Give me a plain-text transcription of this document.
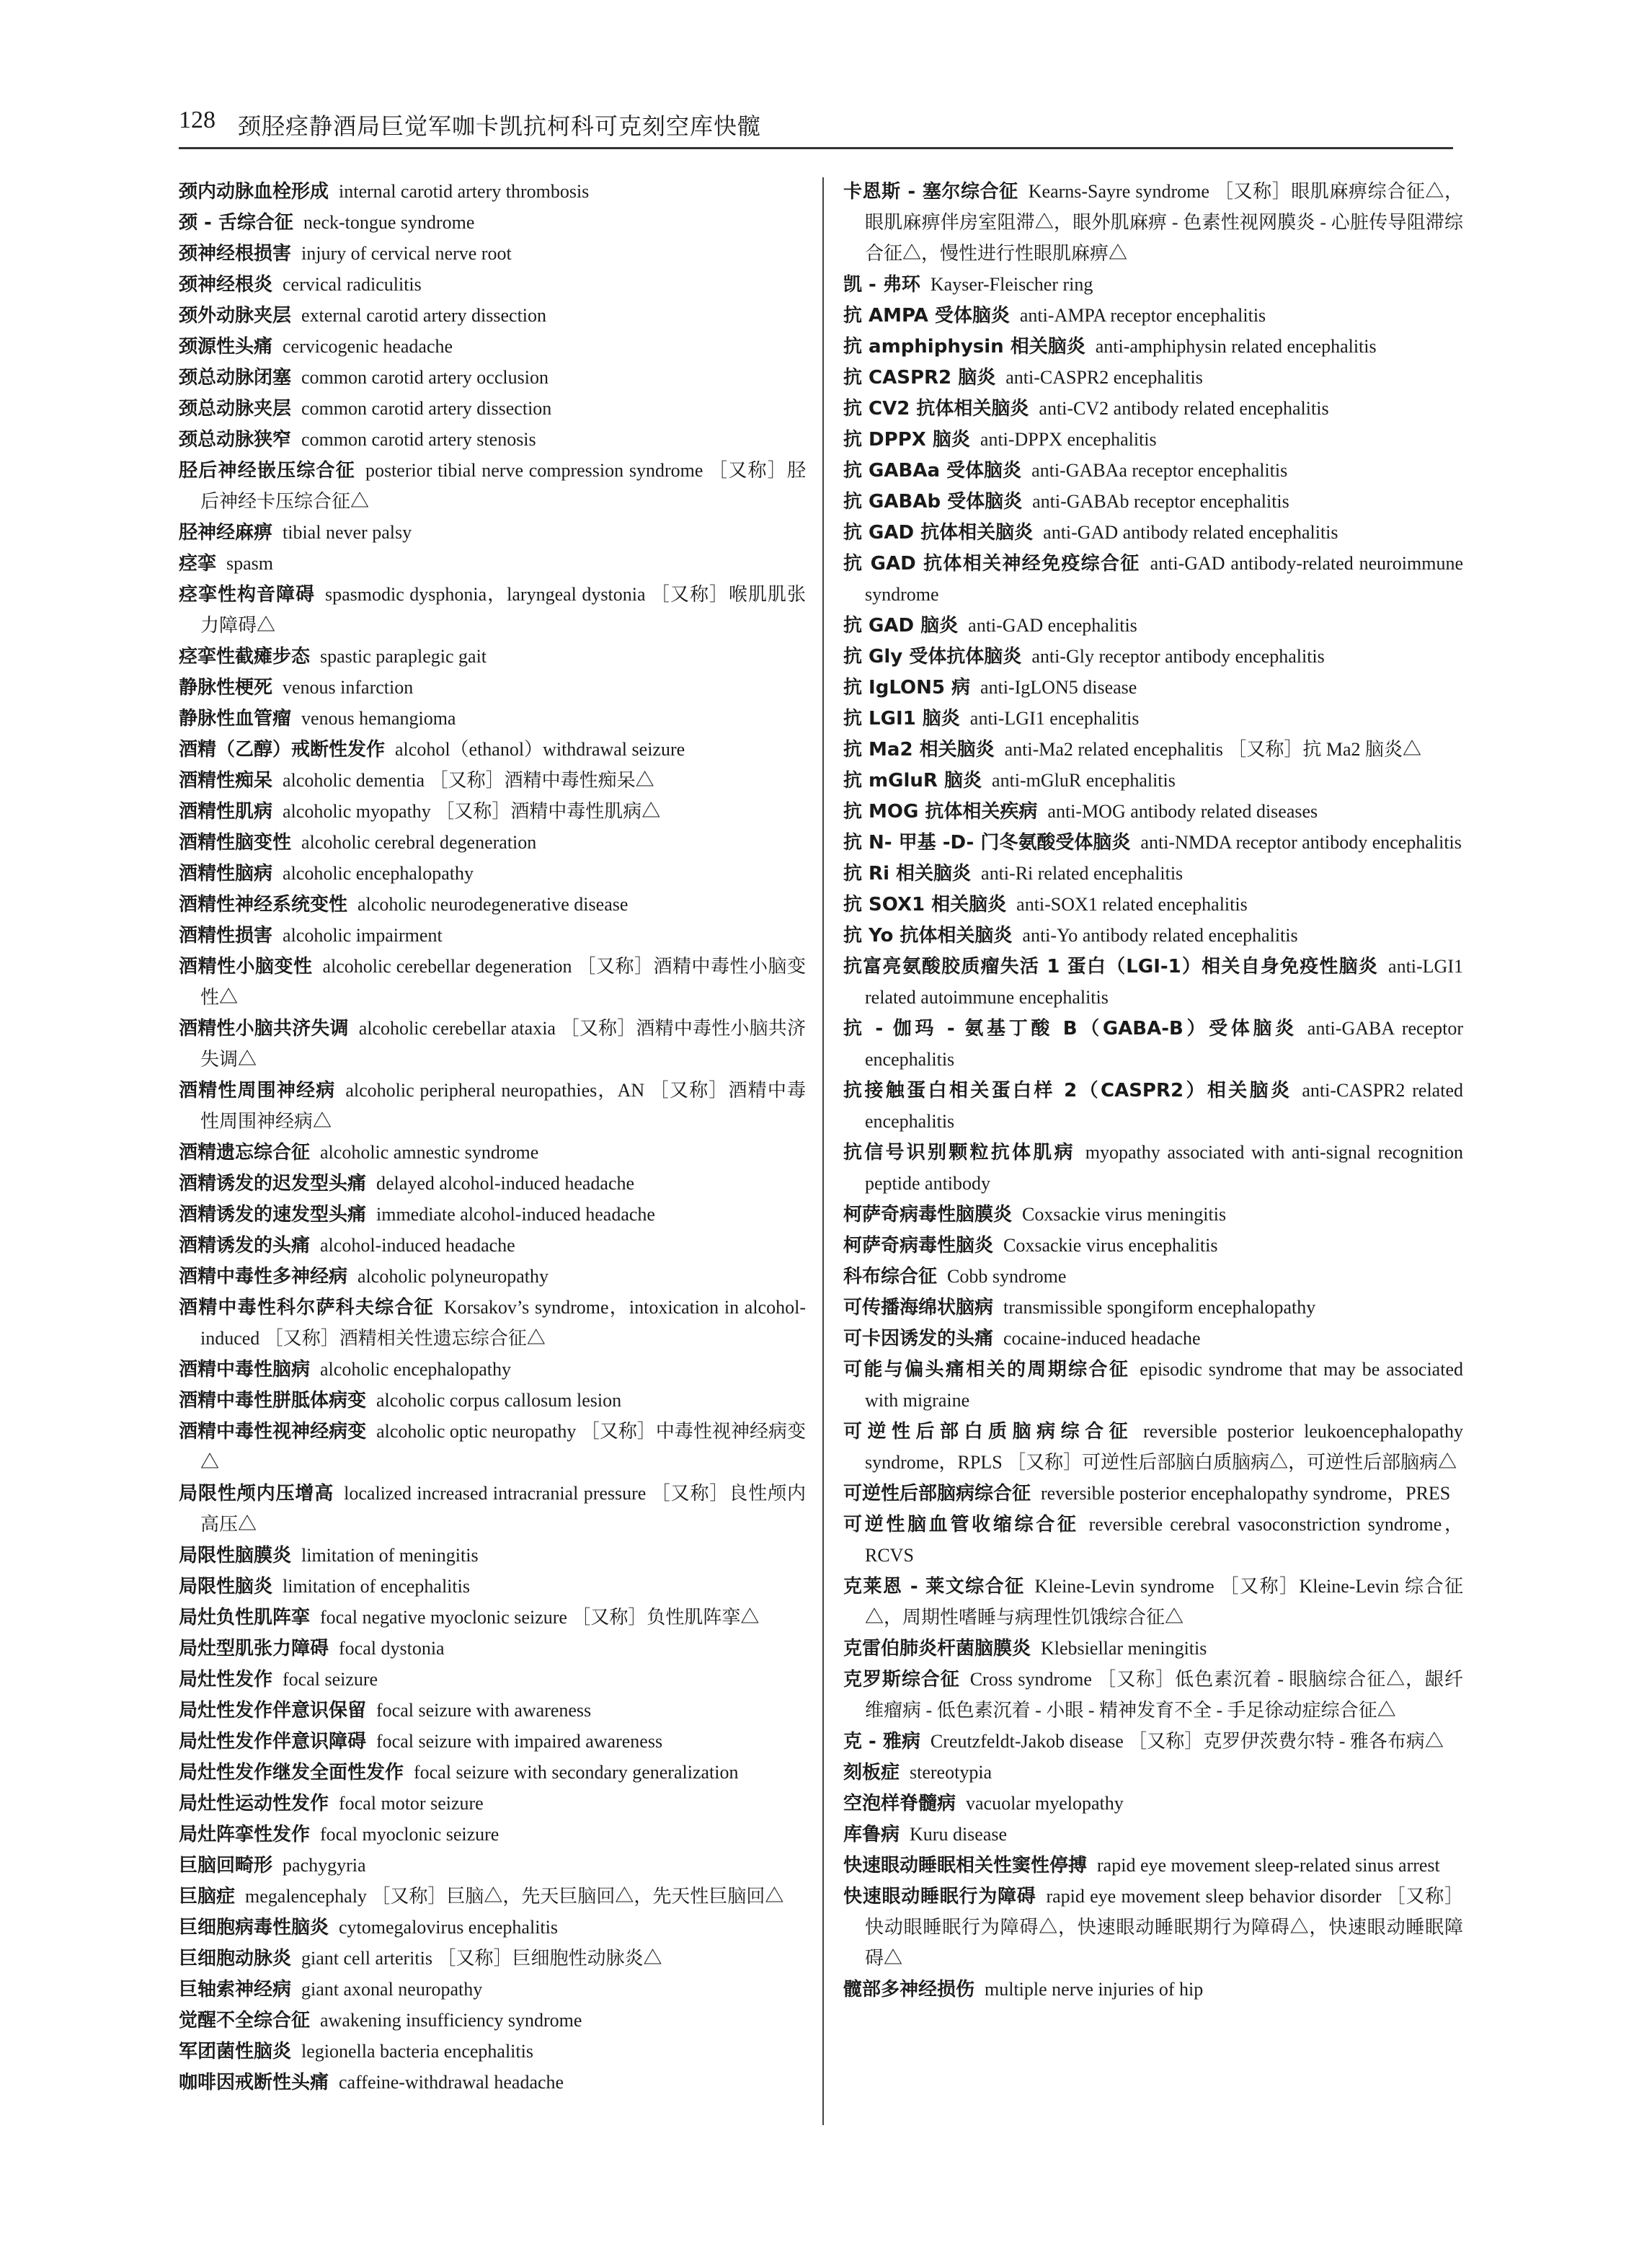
128 颈胫痉静酒局巨觉军咖卡凯抗柯科可克刻空库快髋

颈内动脉血栓形成 internal carotid artery thrombosis

颈 - 舌综合征 neck-tongue syndrome

颈神经根损害 injury of cervical nerve root

颈神经根炎 cervical radiculitis

颈外动脉夹层 external carotid artery dissection

颈源性头痛 cervicogenic headache

颈总动脉闭塞 common carotid artery occlusion

颈总动脉夹层 common carotid artery dissection

颈总动脉狭窄 common carotid artery stenosis

胫后神经嵌压综合征 posterior tibial nerve compression syndrome ［又称］胫后神经卡压综合征△

胫神经麻痹 tibial never palsy

痉挛 spasm

痉挛性构音障碍 spasmodic dysphonia，laryngeal dystonia ［又称］喉肌肌张力障碍△

痉挛性截瘫步态 spastic paraplegic gait

静脉性梗死 venous infarction

静脉性血管瘤 venous hemangioma

酒精（乙醇）戒断性发作 alcohol（ethanol）withdrawal seizure

酒精性痴呆 alcoholic dementia ［又称］酒精中毒性痴呆△

酒精性肌病 alcoholic myopathy ［又称］酒精中毒性肌病△

酒精性脑变性 alcoholic cerebral degeneration

酒精性脑病 alcoholic encephalopathy

酒精性神经系统变性 alcoholic neurodegenerative disease

酒精性损害 alcoholic impairment

酒精性小脑变性 alcoholic cerebellar degeneration ［又称］酒精中毒性小脑变性△

酒精性小脑共济失调 alcoholic cerebellar ataxia ［又称］酒精中毒性小脑共济失调△

酒精性周围神经病 alcoholic peripheral neuropathies，AN ［又称］酒精中毒性周围神经病△

酒精遗忘综合征 alcoholic amnestic syndrome

酒精诱发的迟发型头痛 delayed alcohol-induced headache

酒精诱发的速发型头痛 immediate alcohol-induced headache

酒精诱发的头痛 alcohol-induced headache

酒精中毒性多神经病 alcoholic polyneuropathy

酒精中毒性科尔萨科夫综合征 Korsakov’s syndrome，intoxication in alcohol-induced ［又称］酒精相关性遗忘综合征△

酒精中毒性脑病 alcoholic encephalopathy

酒精中毒性胼胝体病变 alcoholic corpus callosum lesion

酒精中毒性视神经病变 alcoholic optic neuropathy ［又称］中毒性视神经病变△

局限性颅内压增高 localized increased intracranial pressure ［又称］良性颅内高压△

局限性脑膜炎 limitation of meningitis

局限性脑炎 limitation of encephalitis

局灶负性肌阵挛 focal negative myoclonic seizure ［又称］负性肌阵挛△

局灶型肌张力障碍 focal dystonia

局灶性发作 focal seizure

局灶性发作伴意识保留 focal seizure with awareness

局灶性发作伴意识障碍 focal seizure with impaired awareness

局灶性发作继发全面性发作 focal seizure with secondary generalization

局灶性运动性发作 focal motor seizure

局灶阵挛性发作 focal myoclonic seizure

巨脑回畸形 pachygyria

巨脑症 megalencephaly ［又称］巨脑△，先天巨脑回△，先天性巨脑回△

巨细胞病毒性脑炎 cytomegalovirus encephalitis

巨细胞动脉炎 giant cell arteritis ［又称］巨细胞性动脉炎△

巨轴索神经病 giant axonal neuropathy

觉醒不全综合征 awakening insufficiency syndrome

军团菌性脑炎 legionella bacteria encephalitis

咖啡因戒断性头痛 caffeine-withdrawal headache

卡恩斯 - 塞尔综合征 Kearns-Sayre syndrome ［又称］眼肌麻痹综合征△，眼肌麻痹伴房室阻滞△，眼外肌麻痹 - 色素性视网膜炎 - 心脏传导阻滞综合征△，慢性进行性眼肌麻痹△

凯 - 弗环 Kayser-Fleischer ring

抗 AMPA 受体脑炎 anti-AMPA receptor encephalitis

抗 amphiphysin 相关脑炎 anti-amphiphysin related encephalitis

抗 CASPR2 脑炎 anti-CASPR2 encephalitis

抗 CV2 抗体相关脑炎 anti-CV2 antibody related encephalitis

抗 DPPX 脑炎 anti-DPPX encephalitis

抗 GABAa 受体脑炎 anti-GABAa receptor encephalitis

抗 GABAb 受体脑炎 anti-GABAb receptor encephalitis

抗 GAD 抗体相关脑炎 anti-GAD antibody related encephalitis

抗 GAD 抗体相关神经免疫综合征 anti-GAD antibody-related neuroimmune syndrome

抗 GAD 脑炎 anti-GAD encephalitis

抗 Gly 受体抗体脑炎 anti-Gly receptor antibody encephalitis

抗 IgLON5 病 anti-IgLON5 disease

抗 LGI1 脑炎 anti-LGI1 encephalitis

抗 Ma2 相关脑炎 anti-Ma2 related encephalitis ［又称］抗 Ma2 脑炎△

抗 mGluR 脑炎 anti-mGluR encephalitis

抗 MOG 抗体相关疾病 anti-MOG antibody related diseases

抗 N- 甲基 -D- 门冬氨酸受体脑炎 anti-NMDA receptor antibody encephalitis

抗 Ri 相关脑炎 anti-Ri related encephalitis

抗 SOX1 相关脑炎 anti-SOX1 related encephalitis

抗 Yo 抗体相关脑炎 anti-Yo antibody related encephalitis

抗富亮氨酸胶质瘤失活 1 蛋白（LGI-1）相关自身免疫性脑炎 anti-LGI1 related autoimmune encephalitis

抗 - 伽玛 - 氨基丁酸 B（GABA-B）受体脑炎 anti-GABA receptor encephalitis

抗接触蛋白相关蛋白样 2（CASPR2）相关脑炎 anti-CASPR2 related encephalitis

抗信号识别颗粒抗体肌病 myopathy associated with anti-signal recognition peptide antibody

柯萨奇病毒性脑膜炎 Coxsackie virus meningitis

柯萨奇病毒性脑炎 Coxsackie virus encephalitis

科布综合征 Cobb syndrome

可传播海绵状脑病 transmissible spongiform encephalopathy

可卡因诱发的头痛 cocaine-induced headache

可能与偏头痛相关的周期综合征 episodic syndrome that may be associated with migraine

可逆性后部白质脑病综合征 reversible posterior leukoencephalopathy syndrome，RPLS ［又称］可逆性后部脑白质脑病△，可逆性后部脑病△

可逆性后部脑病综合征 reversible posterior encephalopathy syndrome，PRES

可逆性脑血管收缩综合征 reversible cerebral vasoconstriction syndrome，RCVS

克莱恩 - 莱文综合征 Kleine-Levin syndrome ［又称］Kleine-Levin 综合征△，周期性嗜睡与病理性饥饿综合征△

克雷伯肺炎杆菌脑膜炎 Klebsiellar meningitis

克罗斯综合征 Cross syndrome ［又称］低色素沉着 - 眼脑综合征△，龈纤维瘤病 - 低色素沉着 - 小眼 - 精神发育不全 - 手足徐动症综合征△

克 - 雅病 Creutzfeldt-Jakob disease ［又称］克罗伊茨费尔特 - 雅各布病△

刻板症 stereotypia

空泡样脊髓病 vacuolar myelopathy

库鲁病 Kuru disease

快速眼动睡眠相关性窦性停搏 rapid eye movement sleep-related sinus arrest

快速眼动睡眠行为障碍 rapid eye movement sleep behavior disorder ［又称］快动眼睡眠行为障碍△，快速眼动睡眠期行为障碍△，快速眼动睡眠障碍△

髋部多神经损伤 multiple nerve injuries of hip
